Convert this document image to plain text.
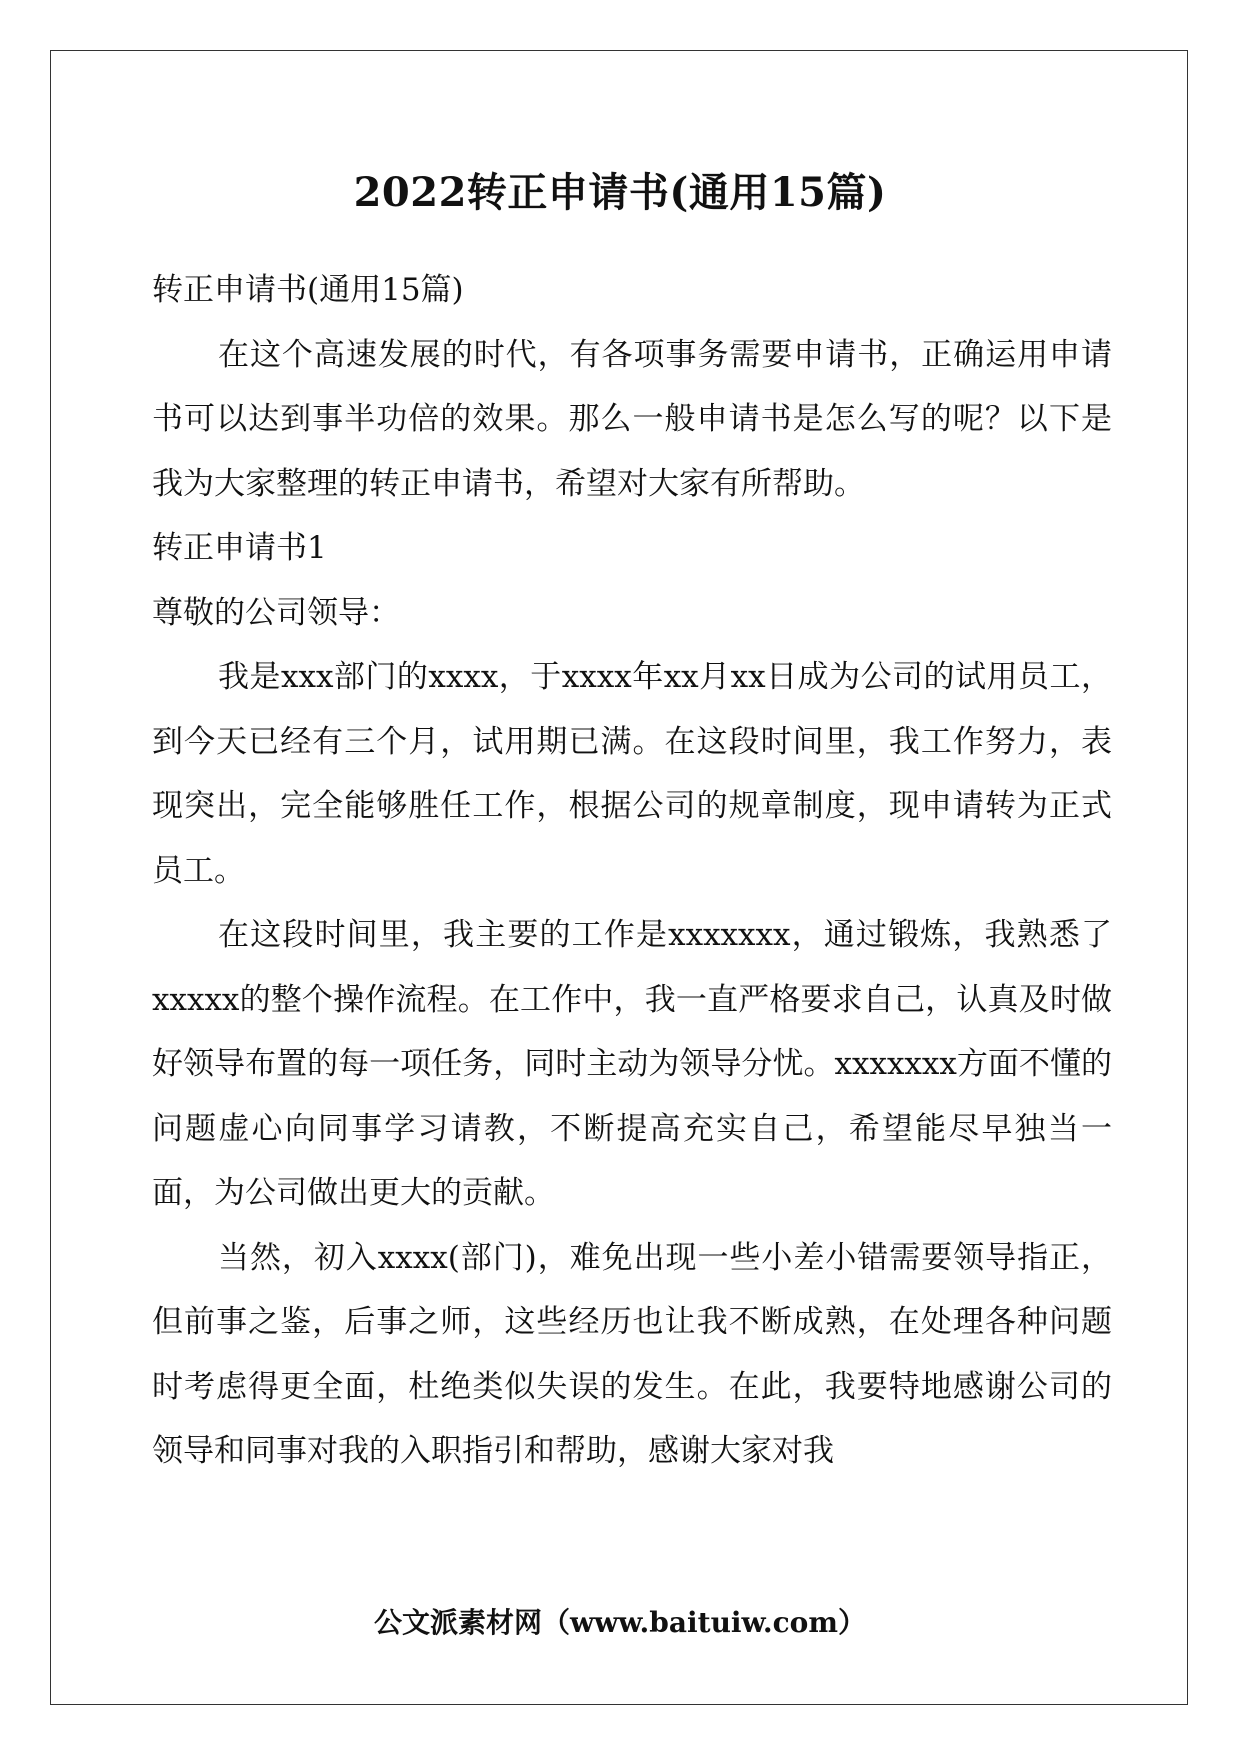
2022转正申请书(通用15篇)

转正申请书(通用15篇)

在这个高速发展的时代，有各项事务需要申请书，正确运用申请书可以达到事半功倍的效果。那么一般申请书是怎么写的呢？以下是我为大家整理的转正申请书，希望对大家有所帮助。

转正申请书1

尊敬的公司领导：

我是xxx部门的xxxx，于xxxx年xx月xx日成为公司的试用员工，到今天已经有三个月，试用期已满。在这段时间里，我工作努力，表现突出，完全能够胜任工作，根据公司的规章制度，现申请转为正式员工。

在这段时间里，我主要的工作是xxxxxxx，通过锻炼，我熟悉了xxxxx的整个操作流程。在工作中，我一直严格要求自己，认真及时做好领导布置的每一项任务，同时主动为领导分忧。xxxxxxx方面不懂的问题虚心向同事学习请教，不断提高充实自己，希望能尽早独当一面，为公司做出更大的贡献。

当然，初入xxxx(部门)，难免出现一些小差小错需要领导指正，但前事之鉴，后事之师，这些经历也让我不断成熟，在处理各种问题时考虑得更全面，杜绝类似失误的发生。在此，我要特地感谢公司的领导和同事对我的入职指引和帮助，感谢大家对我

公文派素材网（www.baituiw.com）
